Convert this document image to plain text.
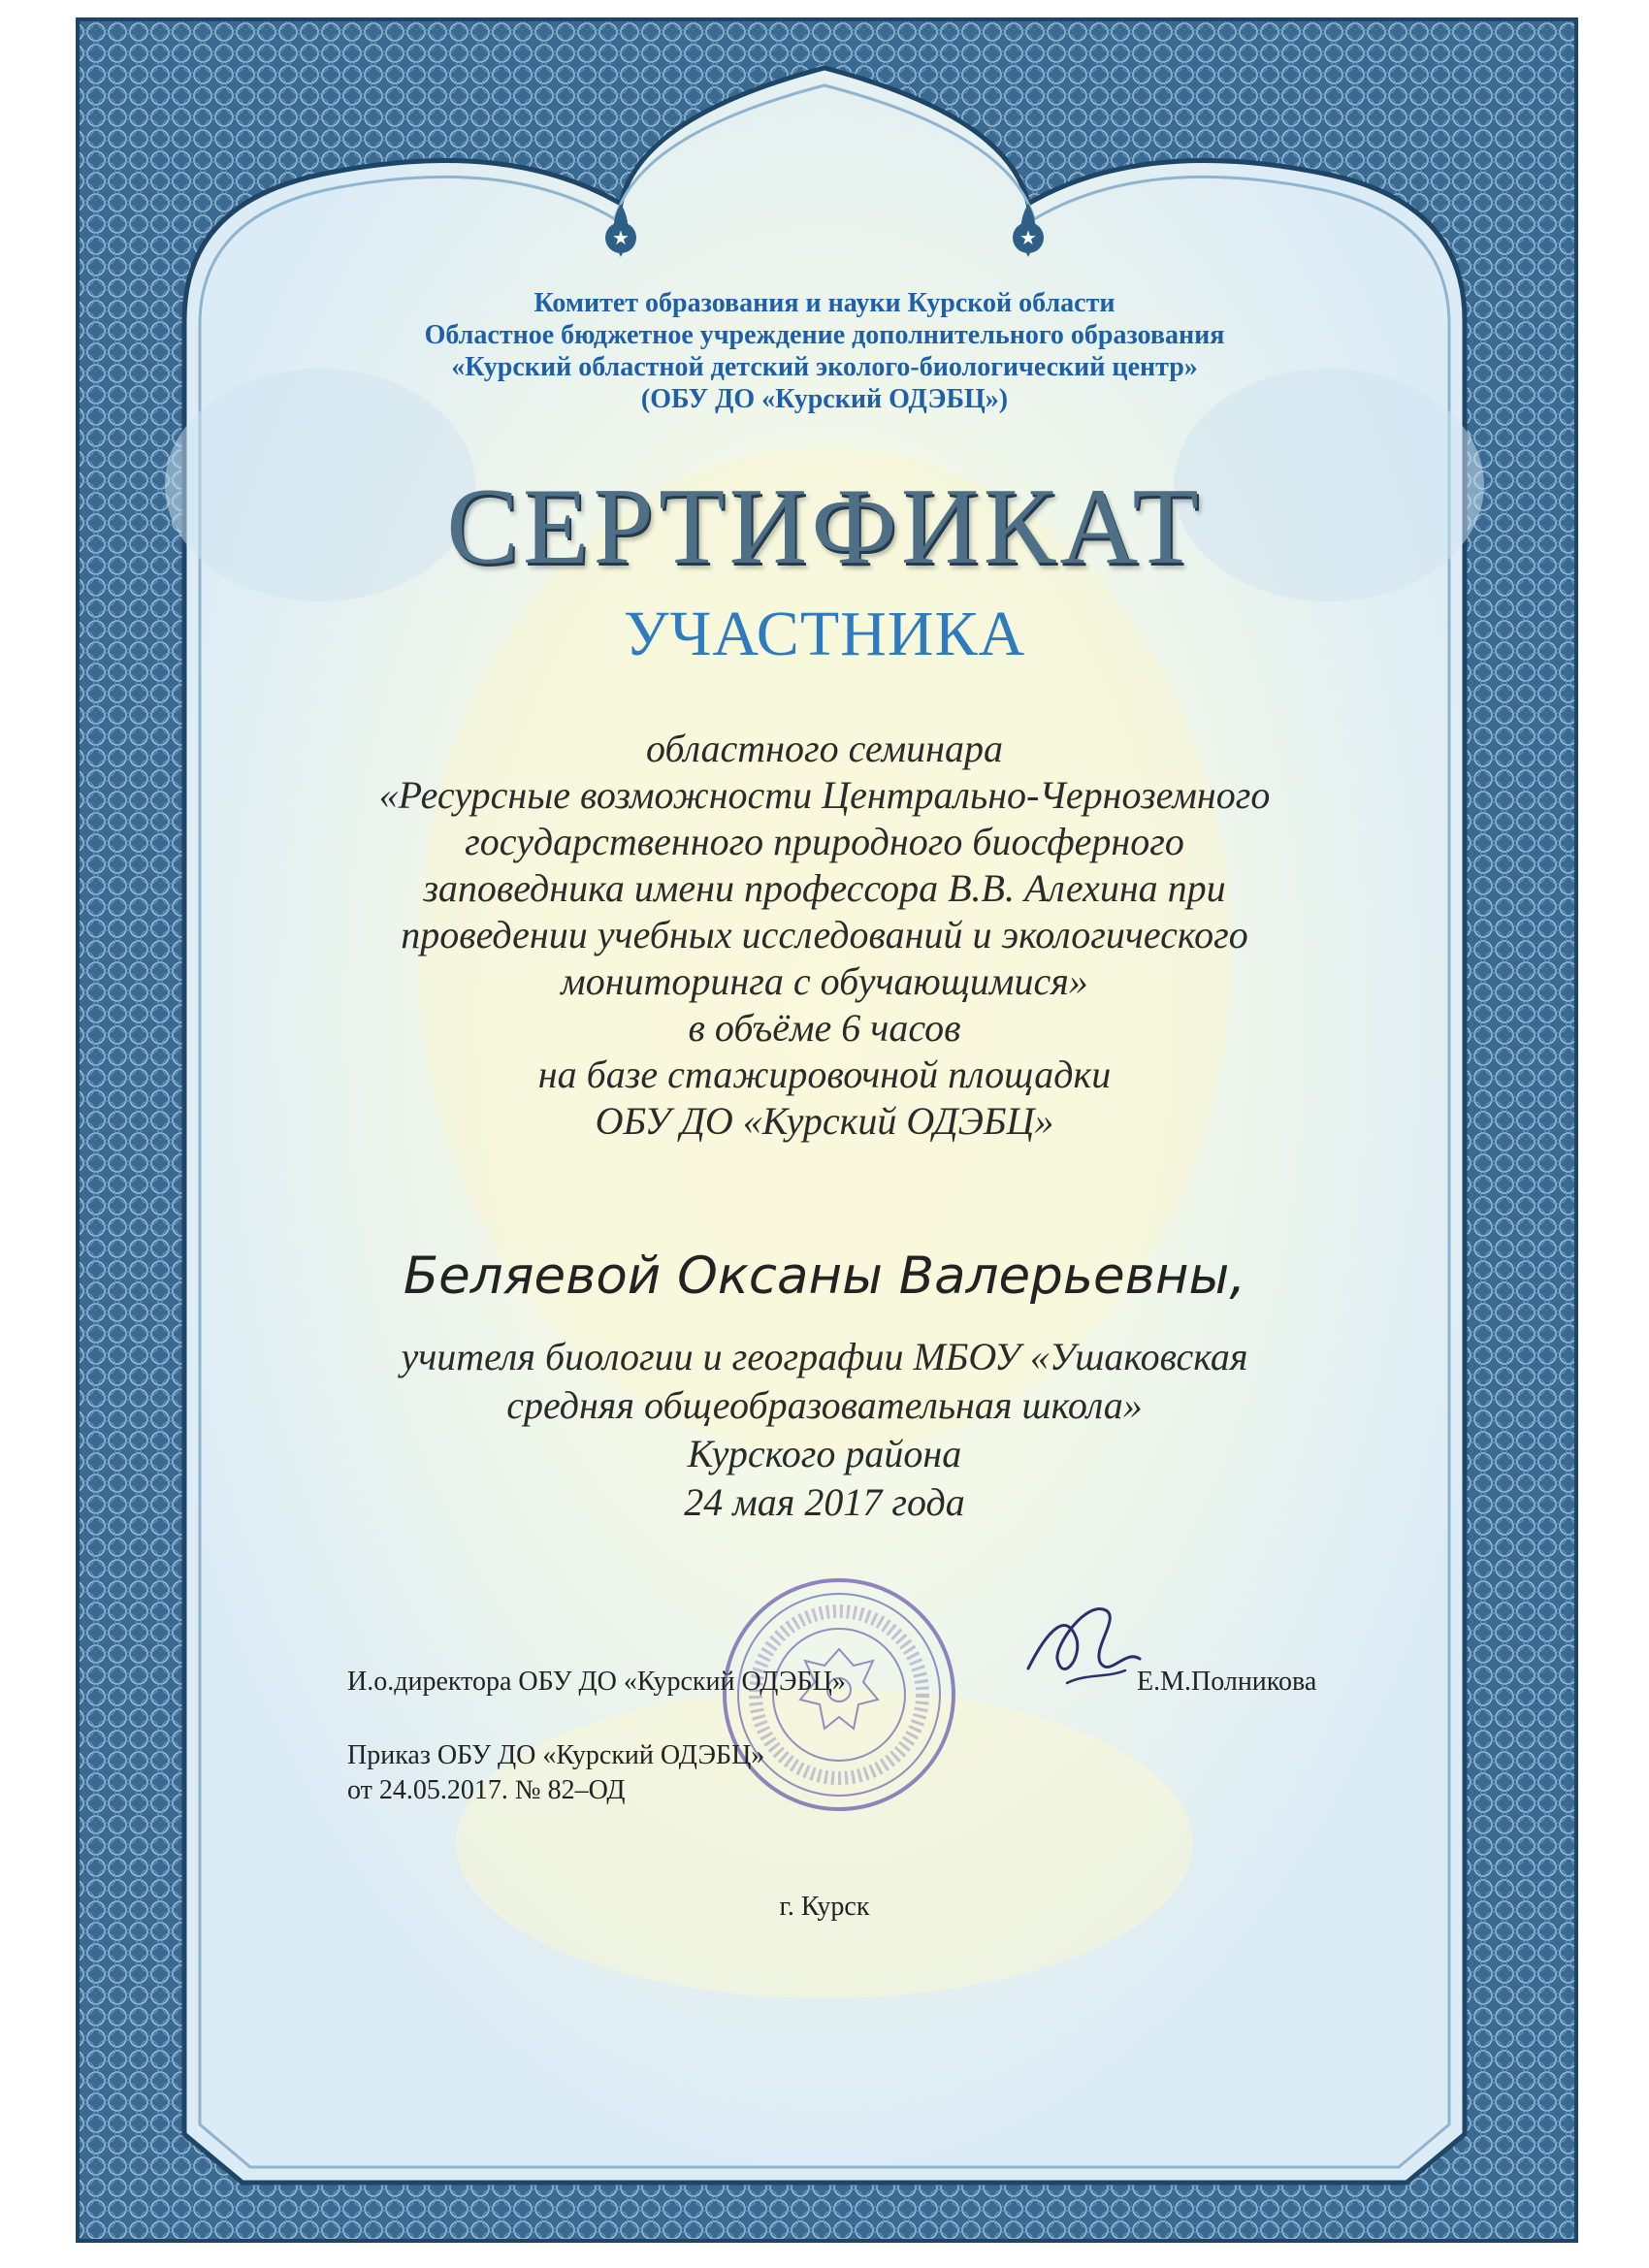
★	★
Комитет образования и науки Курской области
Областное бюджетное учреждение дополнительного образования
«Курский областной детский эколого-биологический центр»
(ОБУ ДО «Курский ОДЭБЦ»)
СЕРТИФИКАТ
УЧАСТНИКА
областного семинара
«Ресурсные возможности Центрально-Черноземного
государственного природного биосферного
заповедника имени профессора В.В. Алехина при
проведении учебных исследований и экологического
мониторинга с обучающимися»
в объёме 6 часов
на базе стажировочной площадки
ОБУ ДО «Курский ОДЭБЦ»
Беляевой Оксаны Валерьевны,
учителя биологии и географии МБОУ «Ушаковская
средняя общеобразовательная школа»
Курского района
24 мая 2017 года
И.о.директора ОБУ ДО «Курский ОДЭБЦ»	Е.М.Полникова
Приказ ОБУ ДО «Курский ОДЭБЦ»
от 24.05.2017. № 82–ОД
г. Курск
